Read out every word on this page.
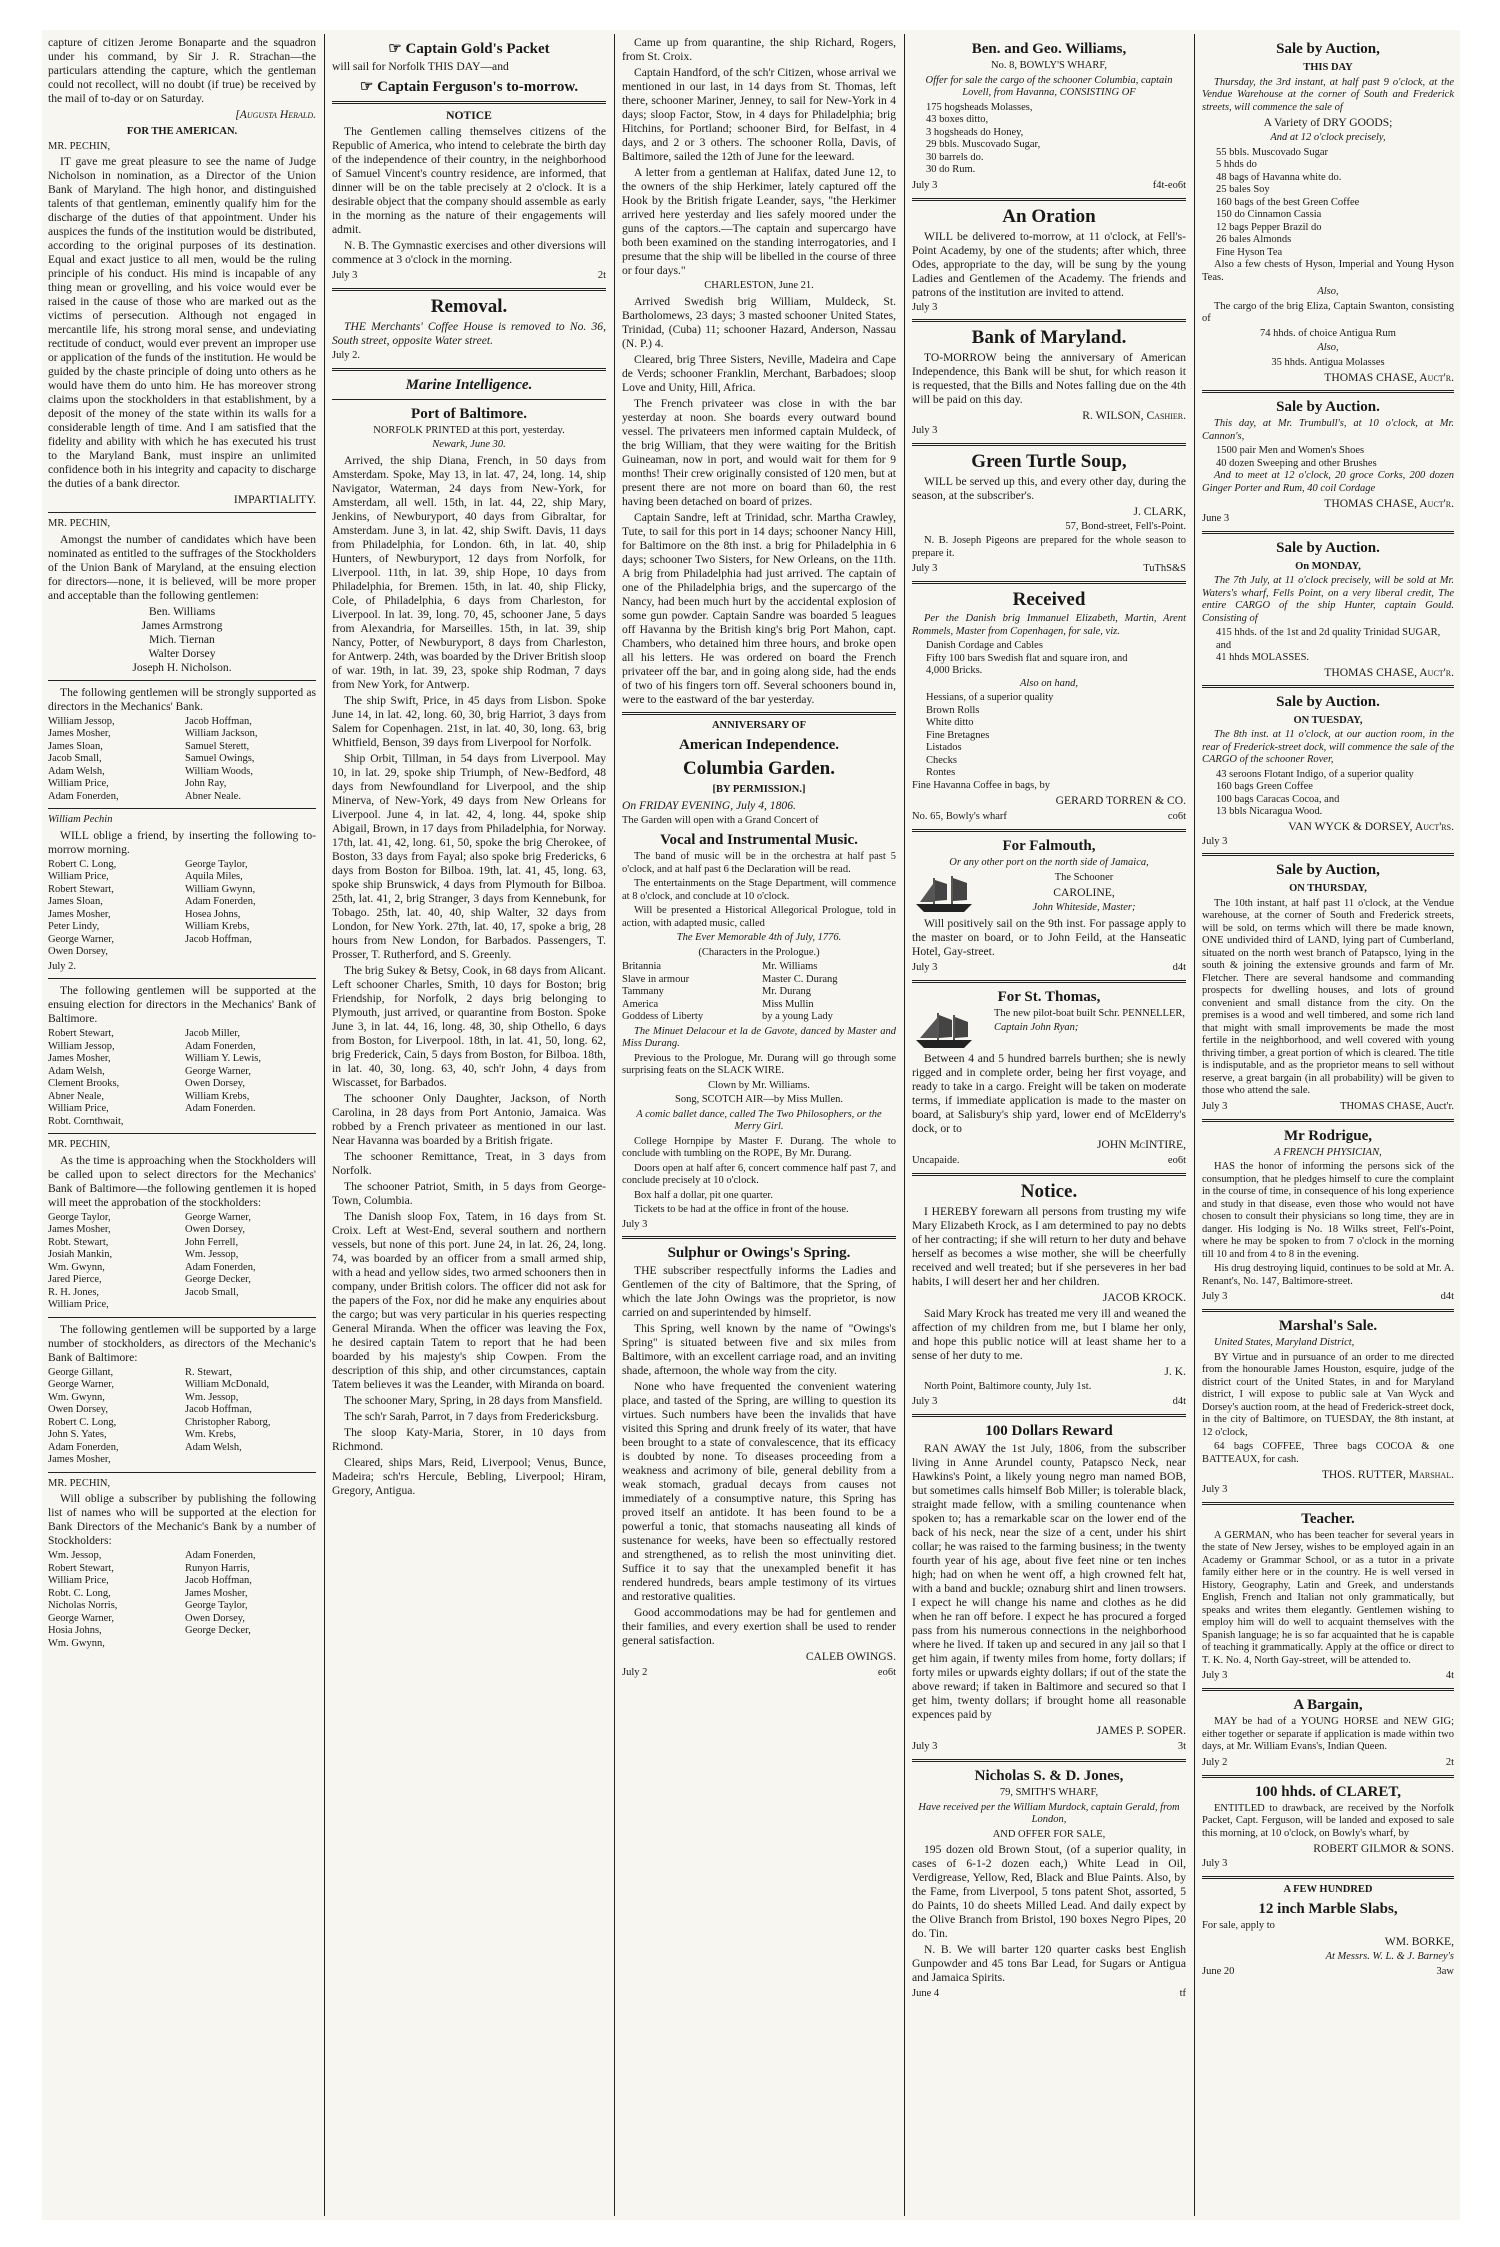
capture of citizen Jerome Bonaparte and the squadron under his command, by Sir J. R. Strachan—the particulars attending the capture, which the gentleman could not recollect, will no doubt (if true) be received by the mail of to-day or on Saturday.

[Augusta Herald.
FOR THE AMERICAN.

MR. PECHIN,

IT gave me great pleasure to see the name of Judge Nicholson in nomination, as a Director of the Union Bank of Maryland. The high honor, and distinguished talents of that gentleman, eminently qualify him for the discharge of the duties of that appointment. Under his auspices the funds of the institution would be distributed, according to the original purposes of its destination. Equal and exact justice to all men, would be the ruling principle of his conduct. His mind is incapable of any thing mean or grovelling, and his voice would ever be raised in the cause of those who are marked out as the victims of persecution. Although not engaged in mercantile life, his strong moral sense, and undeviating rectitude of conduct, would ever prevent an improper use or application of the funds of the institution. He would be guided by the chaste principle of doing unto others as he would have them do unto him. He has moreover strong claims upon the stockholders in that establishment, by a deposit of the money of the state within its walls for a considerable length of time. And I am satisfied that the fidelity and ability with which he has executed his trust to the Maryland Bank, must inspire an unlimited confidence both in his integrity and capacity to discharge the duties of a bank director.

IMPARTIALITY.

MR. PECHIN,

Amongst the number of candidates which have been nominated as entitled to the suffrages of the Stockholders of the Union Bank of Maryland, at the ensuing election for directors—none, it is believed, will be more proper and acceptable than the following gentlemen:

Ben. Williams
James Armstrong
Mich. Tiernan
Walter Dorsey
Joseph H. Nicholson.

The following gentlemen will be strongly supported as directors in the Mechanics' Bank.

William Jessop,	Jacob Hoffman,
James Mosher,	William Jackson,
James Sloan,	Samuel Sterett,
Jacob Small,	Samuel Owings,
Adam Welsh,	William Woods,
William Price,	John Ray,
Adam Fonerden,	Abner Neale.

William Pechin

WILL oblige a friend, by inserting the following to-morrow morning.

Robert C. Long,	George Taylor,
William Price,	Aquila Miles,
Robert Stewart,	William Gwynn,
James Sloan,	Adam Fonerden,
James Mosher,	Hosea Johns,
Peter Lindy,	William Krebs,
George Warner,	Jacob Hoffman,
Owen Dorsey,

July 2.

The following gentlemen will be supported at the ensuing election for directors in the Mechanics' Bank of Baltimore.

Robert Stewart,	Jacob Miller,
William Jessop,	Adam Fonerden,
James Mosher,	William Y. Lewis,
Adam Welsh,	George Warner,
Clement Brooks,	Owen Dorsey,
Abner Neale,	William Krebs,
William Price,	Adam Fonerden.
Robt. Cornthwait,

MR. PECHIN,

As the time is approaching when the Stockholders will be called upon to select directors for the Mechanics' Bank of Baltimore—the following gentlemen it is hoped will meet the approbation of the stockholders:

George Taylor,	George Warner,
James Mosher,	Owen Dorsey,
Robt. Stewart,	John Ferrell,
Josiah Mankin,	Wm. Jessop,
Wm. Gwynn,	Adam Fonerden,
Jared Pierce,	George Decker,
R. H. Jones,	Jacob Small,
William Price,

The following gentlemen will be supported by a large number of stockholders, as directors of the Mechanic's Bank of Baltimore:

George Gillant,	R. Stewart,
George Warner,	William McDonald,
Wm. Gwynn,	Wm. Jessop,
Owen Dorsey,	Jacob Hoffman,
Robert C. Long,	Christopher Raborg,
John S. Yates,	Wm. Krebs,
Adam Fonerden,	Adam Welsh,
James Mosher,

MR. PECHIN,

Will oblige a subscriber by publishing the following list of names who will be supported at the election for Bank Directors of the Mechanic's Bank by a number of Stockholders:

Wm. Jessop,	Adam Fonerden,
Robert Stewart,	Runyon Harris,
William Price,	Jacob Hoffman,
Robt. C. Long,	James Mosher,
Nicholas Norris,	George Taylor,
George Warner,	Owen Dorsey,
Hosia Johns,	George Decker,
Wm. Gwynn,
☞ Captain Gold's Packet

will sail for Norfolk THIS DAY—and

☞ Captain Ferguson's to-morrow.
NOTICE

The Gentlemen calling themselves citizens of the Republic of America, who intend to celebrate the birth day of the independence of their country, in the neighborhood of Samuel Vincent's country residence, are informed, that dinner will be on the table precisely at 2 o'clock. It is a desirable object that the company should assemble as early in the morning as the nature of their engagements will admit.

N. B. The Gymnastic exercises and other diversions will commence at 3 o'clock in the morning.

July 3	2t
Removal.

THE Merchants' Coffee House is removed to No. 36, South street, opposite Water street.

July 2.

Marine Intelligence.
Port of Baltimore.

NORFOLK PRINTED at this port, yesterday.

Newark, June 30.

Arrived, the ship Diana, French, in 50 days from Amsterdam. Spoke, May 13, in lat. 47, 24, long. 14, ship Navigator, Waterman, 24 days from New-York, for Amsterdam, all well. 15th, in lat. 44, 22, ship Mary, Jenkins, of Newburyport, 40 days from Gibraltar, for Amsterdam. June 3, in lat. 42, ship Swift. Davis, 11 days from Philadelphia, for London. 6th, in lat. 40, ship Hunters, of Newburyport, 12 days from Norfolk, for Liverpool. 11th, in lat. 39, ship Hope, 10 days from Philadelphia, for Bremen. 15th, in lat. 40, ship Flicky, Cole, of Philadelphia, 6 days from Charleston, for Liverpool. In lat. 39, long. 70, 45, schooner Jane, 5 days from Alexandria, for Marseilles. 15th, in lat. 39, ship Nancy, Potter, of Newburyport, 8 days from Charleston, for Antwerp. 24th, was boarded by the Driver British sloop of war. 19th, in lat. 39, 23, spoke ship Rodman, 7 days from New York, for Antwerp.

The ship Swift, Price, in 45 days from Lisbon. Spoke June 14, in lat. 42, long. 60, 30, brig Harriot, 3 days from Salem for Copenhagen. 21st, in lat. 40, 30, long. 63, brig Whitfield, Benson, 39 days from Liverpool for Norfolk.

Ship Orbit, Tillman, in 54 days from Liverpool. May 10, in lat. 29, spoke ship Triumph, of New-Bedford, 48 days from Newfoundland for Liverpool, and the ship Minerva, of New-York, 49 days from New Orleans for Liverpool. June 4, in lat. 42, 4, long. 44, spoke ship Abigail, Brown, in 17 days from Philadelphia, for Norway. 17th, lat. 41, 42, long. 61, 50, spoke the brig Cherokee, of Boston, 33 days from Fayal; also spoke brig Fredericks, 6 days from Boston for Bilboa. 19th, lat. 41, 45, long. 63, spoke ship Brunswick, 4 days from Plymouth for Bilboa. 25th, lat. 41, 2, brig Stranger, 3 days from Kennebunk, for Tobago. 25th, lat. 40, 40, ship Walter, 32 days from London, for New York. 27th, lat. 40, 17, spoke a brig, 28 hours from New London, for Barbados. Passengers, T. Prosser, T. Rutherford, and S. Greenly.

The brig Sukey & Betsy, Cook, in 68 days from Alicant. Left schooner Charles, Smith, 10 days for Boston; brig Friendship, for Norfolk, 2 days brig belonging to Plymouth, just arrived, or quarantine from Boston. Spoke June 3, in lat. 44, 16, long. 48, 30, ship Othello, 6 days from Boston, for Liverpool. 18th, in lat. 41, 50, long. 62, brig Frederick, Cain, 5 days from Boston, for Bilboa. 18th, in lat. 40, 30, long. 63, 40, sch'r John, 4 days from Wiscasset, for Barbados.

The schooner Only Daughter, Jackson, of North Carolina, in 28 days from Port Antonio, Jamaica. Was robbed by a French privateer as mentioned in our last. Near Havanna was boarded by a British frigate.

The schooner Remittance, Treat, in 3 days from Norfolk.

The schooner Patriot, Smith, in 5 days from George-Town, Columbia.

The Danish sloop Fox, Tatem, in 16 days from St. Croix. Left at West-End, several southern and northern vessels, but none of this port. June 24, in lat. 26, 24, long. 74, was boarded by an officer from a small armed ship, with a head and yellow sides, two armed schooners then in company, under British colors. The officer did not ask for the papers of the Fox, nor did he make any enquiries about the cargo; but was very particular in his queries respecting General Miranda. When the officer was leaving the Fox, he desired captain Tatem to report that he had been boarded by his majesty's ship Cowpen. From the description of this ship, and other circumstances, captain Tatem believes it was the Leander, with Miranda on board.

The schooner Mary, Spring, in 28 days from Mansfield.

The sch'r Sarah, Parrot, in 7 days from Fredericksburg.

The sloop Katy-Maria, Storer, in 10 days from Richmond.

Cleared, ships Mars, Reid, Liverpool; Venus, Bunce, Madeira; sch'rs Hercule, Bebling, Liverpool; Hiram, Gregory, Antigua.

Came up from quarantine, the ship Richard, Rogers, from St. Croix.

Captain Handford, of the sch'r Citizen, whose arrival we mentioned in our last, in 14 days from St. Thomas, left there, schooner Mariner, Jenney, to sail for New-York in 4 days; sloop Factor, Stow, in 4 days for Philadelphia; brig Hitchins, for Portland; schooner Bird, for Belfast, in 4 days, and 2 or 3 others. The schooner Rolla, Davis, of Baltimore, sailed the 12th of June for the leeward.

A letter from a gentleman at Halifax, dated June 12, to the owners of the ship Herkimer, lately captured off the Hook by the British frigate Leander, says, "the Herkimer arrived here yesterday and lies safely moored under the guns of the captors.—The captain and supercargo have both been examined on the standing interrogatories, and I presume that the ship will be libelled in the course of three or four days."

CHARLESTON, June 21.

Arrived Swedish brig William, Muldeck, St. Bartholomews, 23 days; 3 masted schooner United States, Trinidad, (Cuba) 11; schooner Hazard, Anderson, Nassau (N. P.) 4.

Cleared, brig Three Sisters, Neville, Madeira and Cape de Verds; schooner Franklin, Merchant, Barbadoes; sloop Love and Unity, Hill, Africa.

The French privateer was close in with the bar yesterday at noon. She boards every outward bound vessel. The privateers men informed captain Muldeck, of the brig William, that they were waiting for the British Guineaman, now in port, and would wait for them for 9 months! Their crew originally consisted of 120 men, but at present there are not more on board than 60, the rest having been detached on board of prizes.

Captain Sandre, left at Trinidad, schr. Martha Crawley, Tute, to sail for this port in 14 days; schooner Nancy Hill, for Baltimore on the 8th inst. a brig for Philadelphia in 6 days; schooner Two Sisters, for New Orleans, on the 11th. A brig from Philadelphia had just arrived. The captain of one of the Philadelphia brigs, and the supercargo of the Nancy, had been much hurt by the accidental explosion of some gun powder. Captain Sandre was boarded 5 leagues off Havanna by the British king's brig Port Mahon, capt. Chambers, who detained him three hours, and broke open all his letters. He was ordered on board the French privateer off the bar, and in going along side, had the ends of two of his fingers torn off. Several schooners bound in, were to the eastward of the bar yesterday.

ANNIVERSARY OF
American Independence.
Columbia Garden.
[BY PERMISSION.]

On FRIDAY EVENING, July 4, 1806.

The Garden will open with a Grand Concert of

Vocal and Instrumental Music.

The band of music will be in the orchestra at half past 5 o'clock, and at half past 6 the Declaration will be read.

The entertainments on the Stage Department, will commence at 8 o'clock, and conclude at 10 o'clock.

Will be presented a Historical Allegorical Prologue, told in action, with adapted music, called

The Ever Memorable 4th of July, 1776.

(Characters in the Prologue.)

Britannia	Mr. Williams
Slave in armour	Master C. Durang
Tammany	Mr. Durang
America	Miss Mullin
Goddess of Liberty	by a young Lady

The Minuet Delacour et la de Gavote, danced by Master and Miss Durang.

Previous to the Prologue, Mr. Durang will go through some surprising feats on the SLACK WIRE.

Clown by Mr. Williams.

Song, SCOTCH AIR—by Miss Mullen.

A comic ballet dance, called The Two Philosophers, or the Merry Girl.

College Hornpipe by Master F. Durang. The whole to conclude with tumbling on the ROPE, By Mr. Durang.

Doors open at half after 6, concert commence half past 7, and conclude precisely at 10 o'clock.

Box half a dollar, pit one quarter.

Tickets to be had at the office in front of the house.

July 3

Sulphur or Owings's Spring.

THE subscriber respectfully informs the Ladies and Gentlemen of the city of Baltimore, that the Spring, of which the late John Owings was the proprietor, is now carried on and superintended by himself.

This Spring, well known by the name of "Owings's Spring" is situated between five and six miles from Baltimore, with an excellent carriage road, and an inviting shade, afternoon, the whole way from the city.

None who have frequented the convenient watering place, and tasted of the Spring, are willing to question its virtues. Such numbers have been the invalids that have visited this Spring and drunk freely of its water, that have been brought to a state of convalescence, that its efficacy is doubted by none. To diseases proceeding from a weakness and acrimony of bile, general debility from a weak stomach, gradual decays from causes not immediately of a consumptive nature, this Spring has proved itself an antidote. It has been found to be a powerful a tonic, that stomachs nauseating all kinds of sustenance for weeks, have been so effectually restored and strengthened, as to relish the most uninviting diet. Suffice it to say that the unexampled benefit it has rendered hundreds, bears ample testimony of its virtues and restorative qualities.

Good accommodations may be had for gentlemen and their families, and every exertion shall be used to render general satisfaction.

CALEB OWINGS.
July 2	eo6t
Ben. and Geo. Williams,

No. 8, BOWLY'S WHARF,

Offer for sale the cargo of the schooner Columbia, captain Lovell, from Havanna, CONSISTING OF

175 hogsheads Molasses,
43 boxes ditto,
3 hogsheads do Honey,
29 bbls. Muscovado Sugar,
30 barrels do.
30 do Rum.
July 3	f4t-eo6t
An Oration

WILL be delivered to-morrow, at 11 o'clock, at Fell's-Point Academy, by one of the students; after which, three Odes, appropriate to the day, will be sung by the young Ladies and Gentlemen of the Academy. The friends and patrons of the institution are invited to attend.

July 3

Bank of Maryland.

TO-MORROW being the anniversary of American Independence, this Bank will be shut, for which reason it is requested, that the Bills and Notes falling due on the 4th will be paid on this day.

R. WILSON, Cashier.

July 3

Green Turtle Soup,

WILL be served up this, and every other day, during the season, at the subscriber's.

J. CLARK,

57, Bond-street, Fell's-Point.

N. B. Joseph Pigeons are prepared for the whole season to prepare it.

July 3	TuThS&S
Received

Per the Danish brig Immanuel Elizabeth, Martin, Arent Rommels, Master from Copenhagen, for sale, viz.

Danish Cordage and Cables
Fifty 100 bars Swedish flat and square iron, and
4,000 Bricks.

Also on hand,

Hessians, of a superior quality
Brown Rolls
White ditto
Fine Bretagnes
Listados
Checks
Rontes

Fine Havanna Coffee in bags, by

GERARD TORREN & CO.
No. 65, Bowly's wharf	co6t
For Falmouth,

Or any other port on the north side of Jamaica,

The Schooner

CAROLINE,

John Whiteside, Master;

Will positively sail on the 9th inst. For passage apply to the master on board, or to John Feild, at the Hanseatic Hotel, Gay-street.

July 3	d4t
For St. Thomas,

The new pilot-boat built Schr. PENNELLER,

Captain John Ryan;

Between 4 and 5 hundred barrels burthen; she is newly rigged and in complete order, being her first voyage, and ready to take in a cargo. Freight will be taken on moderate terms, if immediate application is made to the master on board, at Salisbury's ship yard, lower end of McElderry's dock, or to

JOHN McINTIRE,
Uncapaide.	eo6t
Notice.

I HEREBY forewarn all persons from trusting my wife Mary Elizabeth Krock, as I am determined to pay no debts of her contracting; if she will return to her duty and behave herself as becomes a wise mother, she will be cheerfully received and well treated; but if she perseveres in her bad habits, I will desert her and her children.

JACOB KROCK.

Said Mary Krock has treated me very ill and weaned the affection of my children from me, but I blame her only, and hope this public notice will at least shame her to a sense of her duty to me.

J. K.

North Point, Baltimore county, July 1st.

July 3	d4t
100 Dollars Reward

RAN AWAY the 1st July, 1806, from the subscriber living in Anne Arundel county, Patapsco Neck, near Hawkins's Point, a likely young negro man named BOB, but sometimes calls himself Bob Miller; is tolerable black, straight made fellow, with a smiling countenance when spoken to; has a remarkable scar on the lower end of the back of his neck, near the size of a cent, under his shirt collar; he was raised to the farming business; in the twenty fourth year of his age, about five feet nine or ten inches high; had on when he went off, a high crowned felt hat, with a band and buckle; oznaburg shirt and linen trowsers. I expect he will change his name and clothes as he did when he ran off before. I expect he has procured a forged pass from his numerous connections in the neighborhood where he lived. If taken up and secured in any jail so that I get him again, if twenty miles from home, forty dollars; if forty miles or upwards eighty dollars; if out of the state the above reward; if taken in Baltimore and secured so that I get him, twenty dollars; if brought home all reasonable expences paid by

JAMES P. SOPER.
July 3	3t
Nicholas S. & D. Jones,

79, SMITH'S WHARF,

Have received per the William Murdock, captain Gerald, from London,

AND OFFER FOR SALE,

195 dozen old Brown Stout, (of a superior quality, in cases of 6-1-2 dozen each,) White Lead in Oil, Verdigrease, Yellow, Red, Black and Blue Paints. Also, by the Fame, from Liverpool, 5 tons patent Shot, assorted, 5 do Paints, 10 do sheets Milled Lead. And daily expect by the Olive Branch from Bristol, 190 boxes Negro Pipes, 20 do. Tin.

N. B. We will barter 120 quarter casks best English Gunpowder and 45 tons Bar Lead, for Sugars or Antigua and Jamaica Spirits.

June 4	tf
Sale by Auction,
THIS DAY

Thursday, the 3rd instant, at half past 9 o'clock, at the Vendue Warehouse at the corner of South and Frederick streets, will commence the sale of

A Variety of DRY GOODS;

And at 12 o'clock precisely,

55 bbls. Muscovado Sugar
5 hhds do
48 bags of Havanna white do.
25 bales Soy
160 bags of the best Green Coffee
150 do Cinnamon Cassia
12 bags Pepper Brazil do
26 bales Almonds
Fine Hyson Tea

Also a few chests of Hyson, Imperial and Young Hyson Teas.

Also,

The cargo of the brig Eliza, Captain Swanton, consisting of

74 hhds. of choice Antigua Rum

Also,

35 hhds. Antigua Molasses

THOMAS CHASE, Auct'r.
Sale by Auction.

This day, at Mr. Trumbull's, at 10 o'clock, at Mr. Cannon's,

1500 pair Men and Women's Shoes
40 dozen Sweeping and other Brushes

And to meet at 12 o'clock, 20 groce Corks, 200 dozen Ginger Porter and Rum, 40 coil Cordage

THOMAS CHASE, Auct'r.

June 3

Sale by Auction.
On MONDAY,

The 7th July, at 11 o'clock precisely, will be sold at Mr. Waters's wharf, Fells Point, on a very liberal credit, The entire CARGO of the ship Hunter, captain Gould. Consisting of

415 hhds. of the 1st and 2d quality Trinidad SUGAR, and
41 hhds MOLASSES.
THOMAS CHASE, Auct'r.
Sale by Auction.
ON TUESDAY,

The 8th inst. at 11 o'clock, at our auction room, in the rear of Frederick-street dock, will commence the sale of the CARGO of the schooner Rover,

43 seroons Flotant Indigo, of a superior quality
160 bags Green Coffee
100 bags Caracas Cocoa, and
13 bbls Nicaragua Wood.
VAN WYCK & DORSEY, Auct'rs.

July 3

Sale by Auction,
ON THURSDAY,

The 10th instant, at half past 11 o'clock, at the Vendue warehouse, at the corner of South and Frederick streets, will be sold, on terms which will there be made known, ONE undivided third of LAND, lying part of Cumberland, situated on the north west branch of Patapsco, lying in the south & joining the extensive grounds and farm of Mr. Fletcher. There are several handsome and commanding prospects for dwelling houses, and lots of ground convenient and small distance from the city. On the premises is a wood and well timbered, and some rich land that might with small improvements be made the most fertile in the neighborhood, and well covered with young thriving timber, a great portion of which is cleared. The title is indisputable, and as the proprietor means to sell without reserve, a great bargain (in all probability) will be given to those who attend the sale.

July 3	THOMAS CHASE, Auct'r.
Mr Rodrigue,

A FRENCH PHYSICIAN,

HAS the honor of informing the persons sick of the consumption, that he pledges himself to cure the complaint in the course of time, in consequence of his long experience and study in that disease, even those who would not have chosen to consult their physicians so long time, they are in danger. His lodging is No. 18 Wilks street, Fell's-Point, where he may be spoken to from 7 o'clock in the morning till 10 and from 4 to 8 in the evening.

His drug destroying liquid, continues to be sold at Mr. A. Renant's, No. 147, Baltimore-street.

July 3	d4t
Marshal's Sale.

United States, Maryland District,

BY Virtue and in pursuance of an order to me directed from the honourable James Houston, esquire, judge of the district court of the United States, in and for Maryland district, I will expose to public sale at Van Wyck and Dorsey's auction room, at the head of Frederick-street dock, in the city of Baltimore, on TUESDAY, the 8th instant, at 12 o'clock,

64 bags COFFEE, Three bags COCOA & one BATTEAUX, for cash.

THOS. RUTTER, Marshal.

July 3

Teacher.

A GERMAN, who has been teacher for several years in the state of New Jersey, wishes to be employed again in an Academy or Grammar School, or as a tutor in a private family either here or in the country. He is well versed in History, Geography, Latin and Greek, and understands English, French and Italian not only grammatically, but speaks and writes them elegantly. Gentlemen wishing to employ him will do well to acquaint themselves with the Spanish language; he is so far acquainted that he is capable of teaching it grammatically. Apply at the office or direct to T. K. No. 4, North Gay-street, will be attended to.

July 3	4t
A Bargain,

MAY be had of a YOUNG HORSE and NEW GIG; either together or separate if application is made within two days, at Mr. William Evans's, Indian Queen.

July 2	2t
100 hhds. of CLARET,

ENTITLED to drawback, are received by the Norfolk Packet, Capt. Ferguson, will be landed and exposed to sale this morning, at 10 o'clock, on Bowly's wharf, by

ROBERT GILMOR & SONS.

July 3

A FEW HUNDRED
12 inch Marble Slabs,

For sale, apply to

WM. BORKE,

At Messrs. W. L. & J. Barney's

June 20	3aw
